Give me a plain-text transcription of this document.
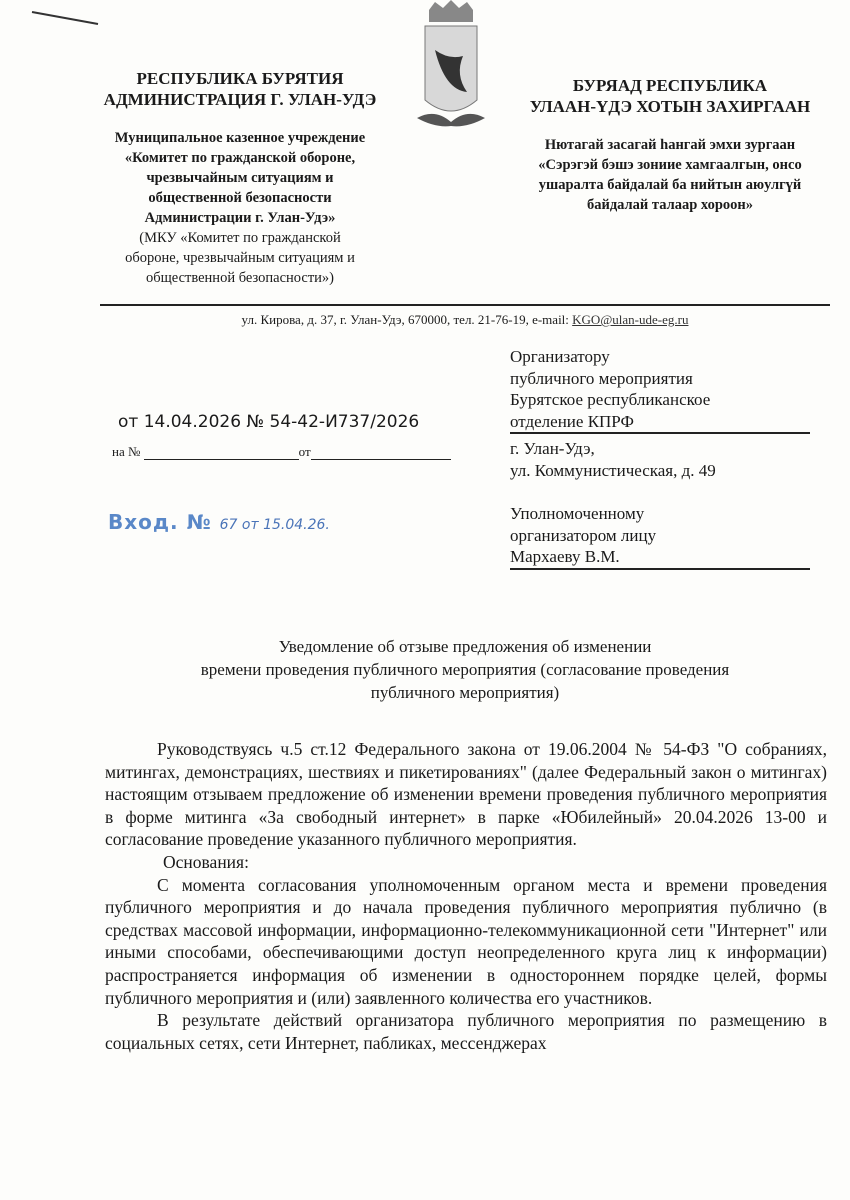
РЕСПУБЛИКА БУРЯТИЯ
АДМИНИСТРАЦИЯ Г. УЛАН-УДЭ
Муниципальное казенное учреждение
«Комитет по гражданской обороне,
чрезвычайным ситуациям и
общественной безопасности
Администрации г. Улан-Удэ»
(МКУ «Комитет по гражданской
обороне, чрезвычайным ситуациям и
общественной безопасности»)
БУРЯАД РЕСПУБЛИКА
УЛААН-ҮДЭ ХОТЫН ЗАХИРГААН
Нютагай засагай һангай эмхи зургаан
«Сэрэгэй бэшэ зониие хамгаалгын, онсо
ушаралта байдалай ба нийтын аюулгүй
байдалай талаар хороон»
ул. Кирова, д. 37, г. Улан-Удэ, 670000, тел. 21-76-19, e-mail: KGO@ulan-ude-eg.ru
от 14.04.2026 № 54-42-И737/2026
на №	от
Вход. № 67 от 15.04.26.
Организатору
публичного мероприятия
Бурятское республиканское
отделение КПРФ
г. Улан-Удэ,
ул. Коммунистическая, д. 49
Уполномоченному
организатором лицу
Мархаеву В.М.
Уведомление об отзыве предложения об изменении
времени проведения публичного мероприятия (согласование проведения
публичного мероприятия)

Руководствуясь ч.5 ст.12 Федерального закона от 19.06.2004 № 54-ФЗ "О собраниях, митингах, демонстрациях, шествиях и пикетированиях" (далее Федеральный закон о митингах) настоящим отзываем предложение об изменении времени проведения публичного мероприятия в форме митинга «За свободный интернет» в парке «Юбилейный» 20.04.2026 13-00 и согласование проведение указанного публичного мероприятия.

Основания:

С момента согласования уполномоченным органом места и времени проведения публичного мероприятия и до начала проведения публичного мероприятия публично (в средствах массовой информации, информационно-телекоммуникационной сети "Интернет" или иными способами, обеспечивающими доступ неопределенного круга лиц к информации) распространяется информация об изменении в одностороннем порядке целей, формы публичного мероприятия и (или) заявленного количества его участников.

В результате действий организатора публичного мероприятия по размещению в социальных сетях, сети Интернет, пабликах, мессенджерах
